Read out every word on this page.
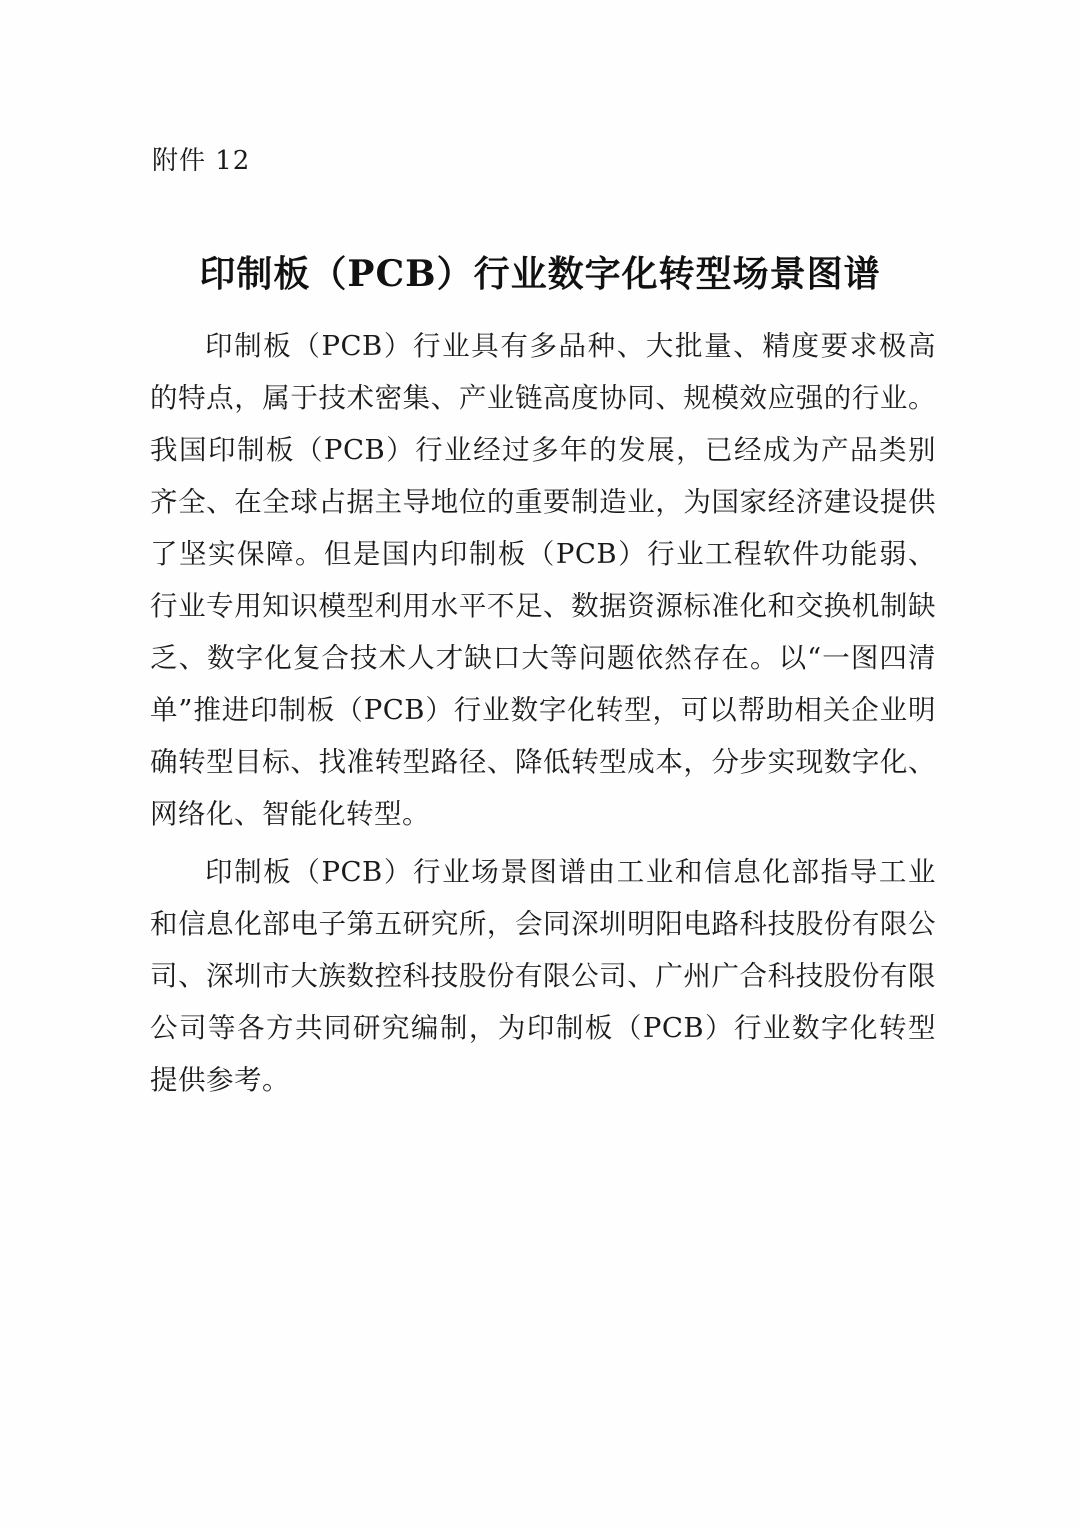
附件 12
印制板（PCB）行业数字化转型场景图谱

印制板（PCB）行业具有多品种、大批量、精度要求极高的特点，属于技术密集、产业链高度协同、规模效应强的行业。我国印制板（PCB）行业经过多年的发展，已经成为产品类别齐全、在全球占据主导地位的重要制造业，为国家经济建设提供了坚实保障。但是国内印制板（PCB）行业工程软件功能弱、行业专用知识模型利用水平不足、数据资源标准化和交换机制缺乏、数字化复合技术人才缺口大等问题依然存在。以“一图四清单”推进印制板（PCB）行业数字化转型，可以帮助相关企业明确转型目标、找准转型路径、降低转型成本，分步实现数字化、网络化、智能化转型。

印制板（PCB）行业场景图谱由工业和信息化部指导工业和信息化部电子第五研究所，会同深圳明阳电路科技股份有限公司、深圳市大族数控科技股份有限公司、广州广合科技股份有限公司等各方共同研究编制，为印制板（PCB）行业数字化转型提供参考。
